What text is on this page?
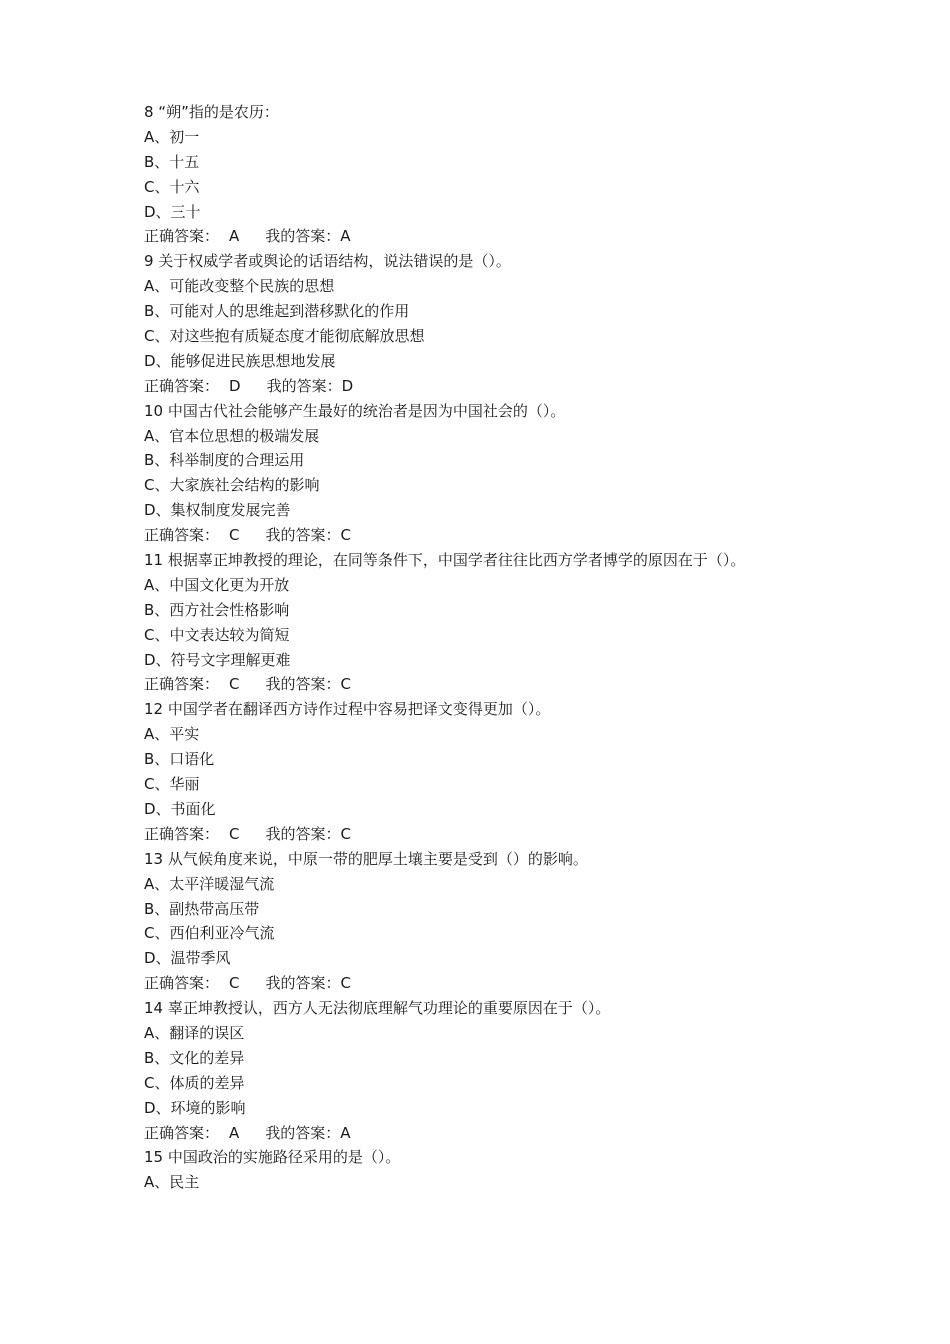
8 “朔”指的是农历：
A、初一
B、十五
C、十六
D、三十
正确答案： A 我的答案：A
9 关于权威学者或舆论的话语结构，说法错误的是（）。
A、可能改变整个民族的思想
B、可能对人的思维起到潜移默化的作用
C、对这些抱有质疑态度才能彻底解放思想
D、能够促进民族思想地发展
正确答案： D 我的答案：D
10 中国古代社会能够产生最好的统治者是因为中国社会的（）。
A、官本位思想的极端发展
B、科举制度的合理运用
C、大家族社会结构的影响
D、集权制度发展完善
正确答案： C 我的答案：C
11 根据辜正坤教授的理论，在同等条件下，中国学者往往比西方学者博学的原因在于（）。
A、中国文化更为开放
B、西方社会性格影响
C、中文表达较为简短
D、符号文字理解更难
正确答案： C 我的答案：C
12 中国学者在翻译西方诗作过程中容易把译文变得更加（）。
A、平实
B、口语化
C、华丽
D、书面化
正确答案： C 我的答案：C
13 从气候角度来说，中原一带的肥厚土壤主要是受到（）的影响。
A、太平洋暖湿气流
B、副热带高压带
C、西伯利亚冷气流
D、温带季风
正确答案： C 我的答案：C
14 辜正坤教授认，西方人无法彻底理解气功理论的重要原因在于（）。
A、翻译的误区
B、文化的差异
C、体质的差异
D、环境的影响
正确答案： A 我的答案：A
15 中国政治的实施路径采用的是（）。
A、民主
